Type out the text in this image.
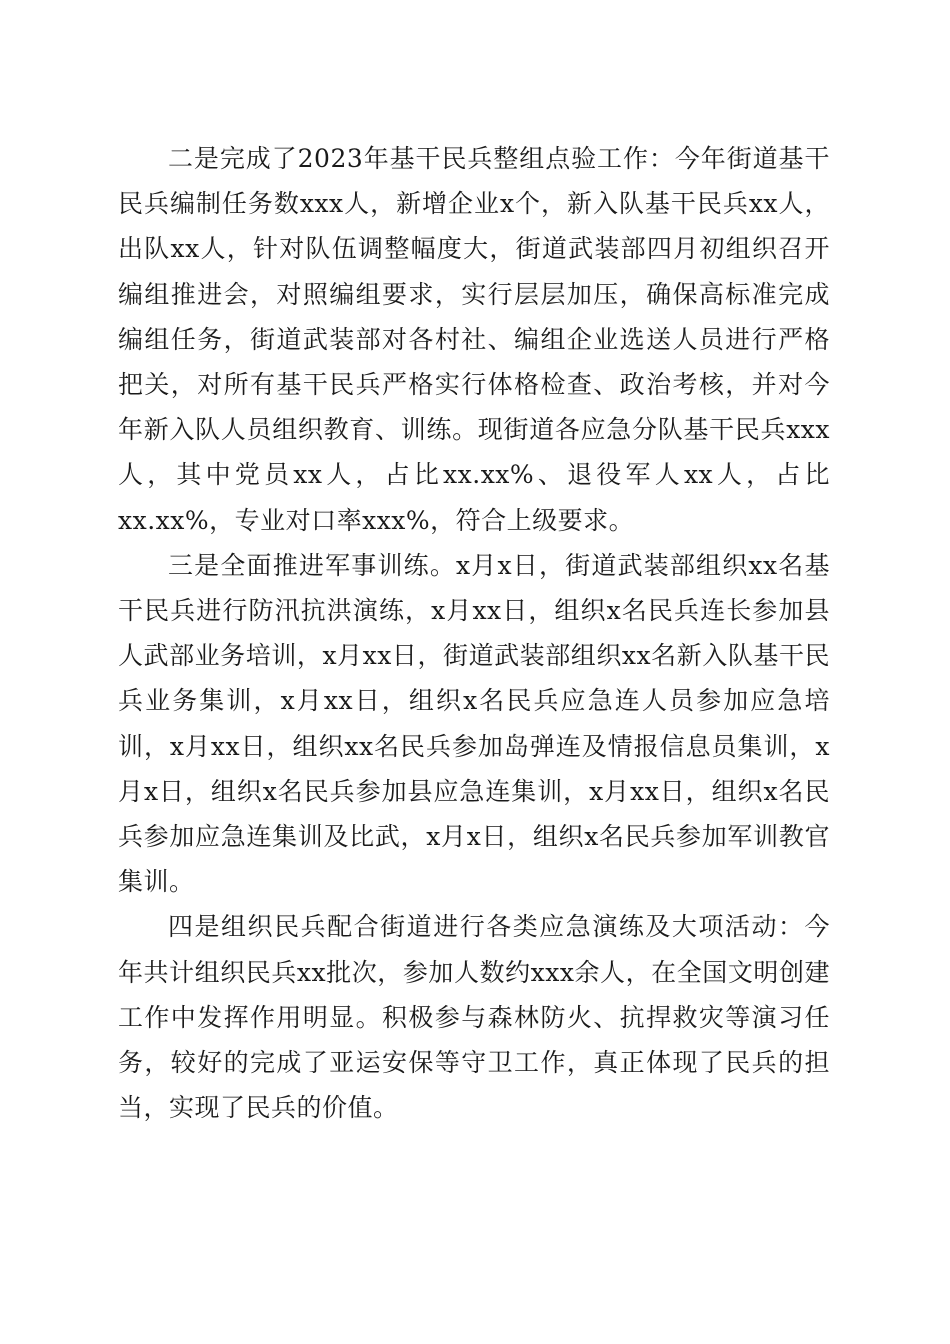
二是完成了2023年基干民兵整组点验工作：今年街道基干民兵编制任务数xxx人，新增企业x个，新入队基干民兵xx人，出队xx人，针对队伍调整幅度大，街道武装部四月初组织召开编组推进会，对照编组要求，实行层层加压，确保高标准完成编组任务，街道武装部对各村社、编组企业选送人员进行严格把关，对所有基干民兵严格实行体格检查、政治考核，并对今年新入队人员组织教育、训练。现街道各应急分队基干民兵xxx人，其中党员xx人，占比xx.xx%、退役军人xx人，占比xx.xx%，专业对口率xxx%，符合上级要求。

三是全面推进军事训练。x月x日，街道武装部组织xx名基干民兵进行防汛抗洪演练，x月xx日，组织x名民兵连长参加县人武部业务培训，x月xx日，街道武装部组织xx名新入队基干民兵业务集训，x月xx日，组织x名民兵应急连人员参加应急培训，x月xx日，组织xx名民兵参加岛弹连及情报信息员集训，x月x日，组织x名民兵参加县应急连集训，x月xx日，组织x名民兵参加应急连集训及比武，x月x日，组织x名民兵参加军训教官集训。

四是组织民兵配合街道进行各类应急演练及大项活动：今年共计组织民兵xx批次，参加人数约xxx余人，在全国文明创建工作中发挥作用明显。积极参与森林防火、抗捍救灾等演习任务，较好的完成了亚运安保等守卫工作，真正体现了民兵的担当，实现了民兵的价值。
